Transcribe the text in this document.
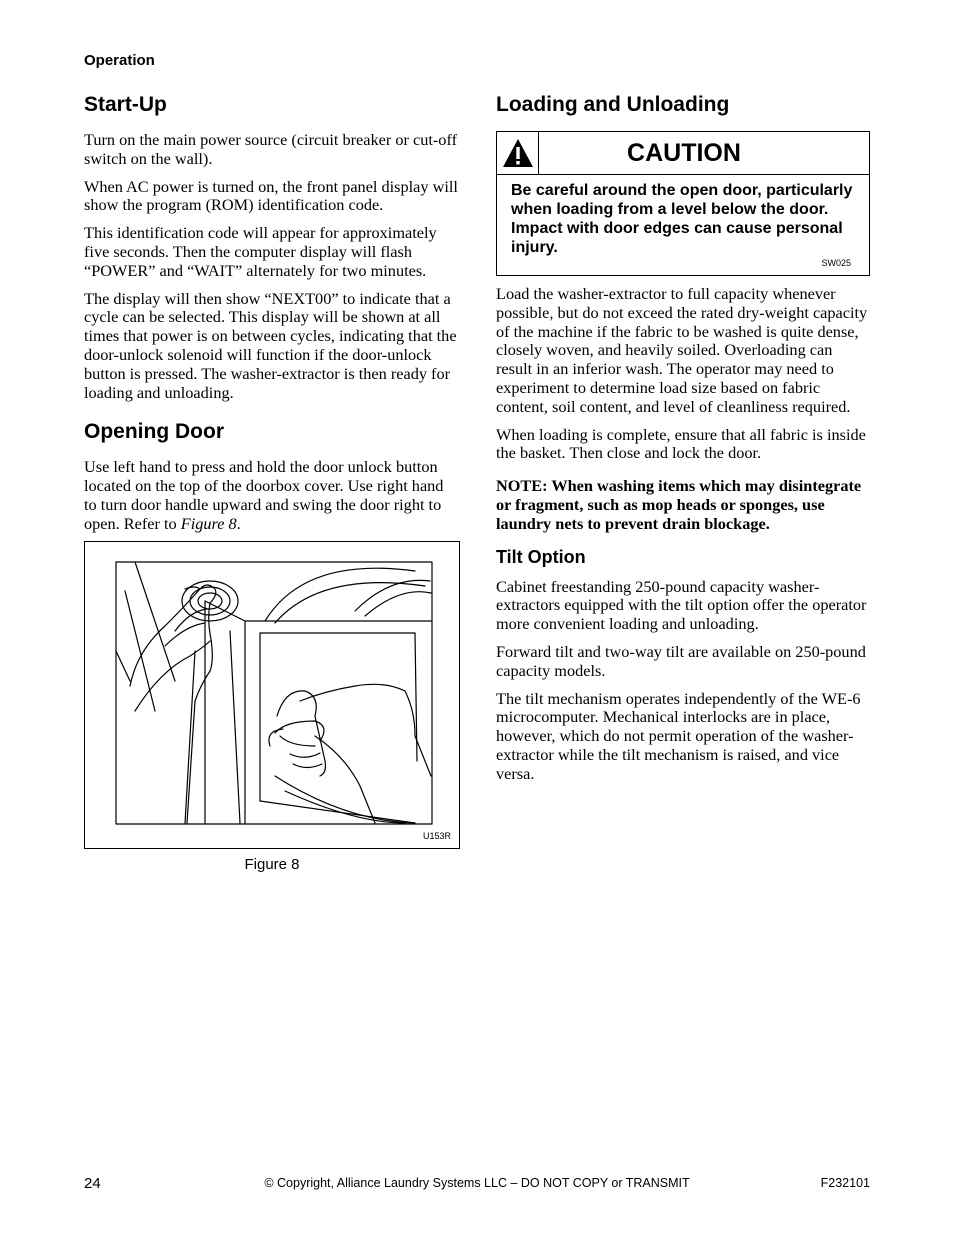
Operation
Start-Up

Turn on the main power source (circuit breaker or cut-off switch on the wall).

When AC power is turned on, the front panel display will show the program (ROM) identification code.

This identification code will appear for approximately five seconds. Then the computer display will flash “POWER” and “WAIT” alternately for two minutes.

The display will then show “NEXT00” to indicate that a cycle can be selected. This display will be shown at all times that power is on between cycles, indicating that the door-unlock solenoid will function if the door-unlock button is pressed. The washer-extractor is then ready for loading and unloading.

Opening Door

Use left hand to press and hold the door unlock button located on the top of the doorbox cover. Use right hand to turn door handle upward and swing the door right to open. Refer to Figure 8.

U153R
Figure 8
Loading and Unloading
CAUTION
Be careful around the open door, particularly when loading from a level below the door. Impact with door edges can cause personal injury.
SW025

Load the washer-extractor to full capacity whenever possible, but do not exceed the rated dry-weight capacity of the machine if the fabric to be washed is quite dense, closely woven, and heavily soiled. Overloading can result in an inferior wash. The operator may need to experiment to determine load size based on fabric content, soil content, and level of cleanliness required.

When loading is complete, ensure that all fabric is inside the basket. Then close and lock the door.

NOTE: When washing items which may disintegrate or fragment, such as mop heads or sponges, use laundry nets to prevent drain blockage.

Tilt Option

Cabinet freestanding 250-pound capacity washer-extractors equipped with the tilt option offer the operator more convenient loading and unloading.

Forward tilt and two-way tilt are available on 250-pound capacity models.

The tilt mechanism operates independently of the WE-6 microcomputer. Mechanical interlocks are in place, however, which do not permit operation of the washer-extractor while the tilt mechanism is raised, and vice versa.

24	© Copyright, Alliance Laundry Systems LLC – DO NOT COPY or TRANSMIT	F232101
